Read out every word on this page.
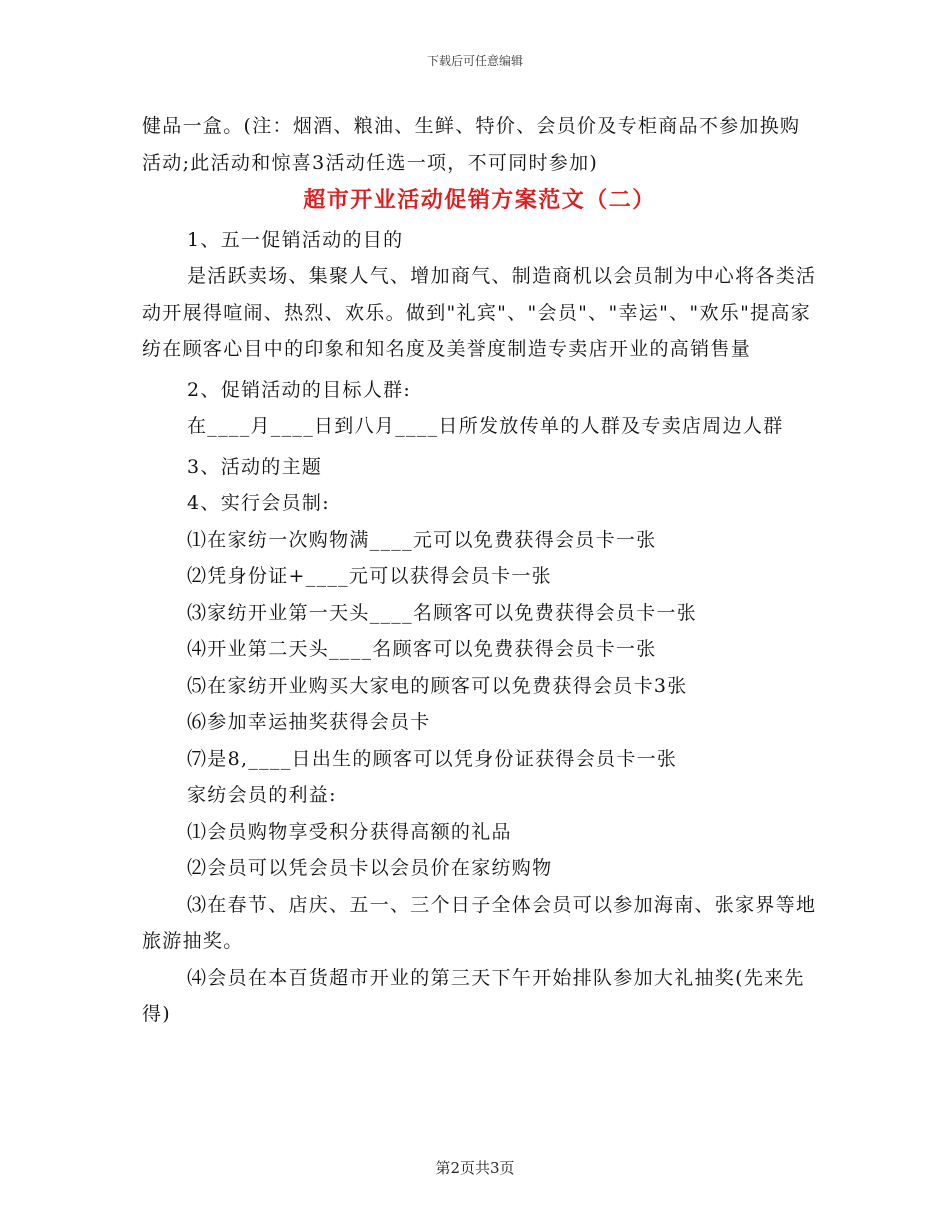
下载后可任意编辑

健品一盒。(注：烟酒、粮油、生鲜、特价、会员价及专柜商品不参加换购活动;此活动和惊喜3活动任选一项，不可同时参加)

超市开业活动促销方案范文（二）

1、五一促销活动的目的

是活跃卖场、集聚人气、增加商气、制造商机以会员制为中心将各类活动开展得喧闹、热烈、欢乐。做到"礼宾"、"会员"、"幸运"、"欢乐"提高家纺在顾客心目中的印象和知名度及美誉度制造专卖店开业的高销售量

2、促销活动的目标人群:

在____月____日到八月____日所发放传单的人群及专卖店周边人群

3、活动的主题

4、实行会员制:

⑴在家纺一次购物满____元可以免费获得会员卡一张

⑵凭身份证+____元可以获得会员卡一张

⑶家纺开业第一天头____名顾客可以免费获得会员卡一张

⑷开业第二天头____名顾客可以免费获得会员卡一张

⑸在家纺开业购买大家电的顾客可以免费获得会员卡3张

⑹参加幸运抽奖获得会员卡

⑺是8,____日出生的顾客可以凭身份证获得会员卡一张

家纺会员的利益:

⑴会员购物享受积分获得高额的礼品

⑵会员可以凭会员卡以会员价在家纺购物

⑶在春节、店庆、五一、三个日子全体会员可以参加海南、张家界等地旅游抽奖。

⑷会员在本百货超市开业的第三天下午开始排队参加大礼抽奖(先来先得)

第2页共3页
